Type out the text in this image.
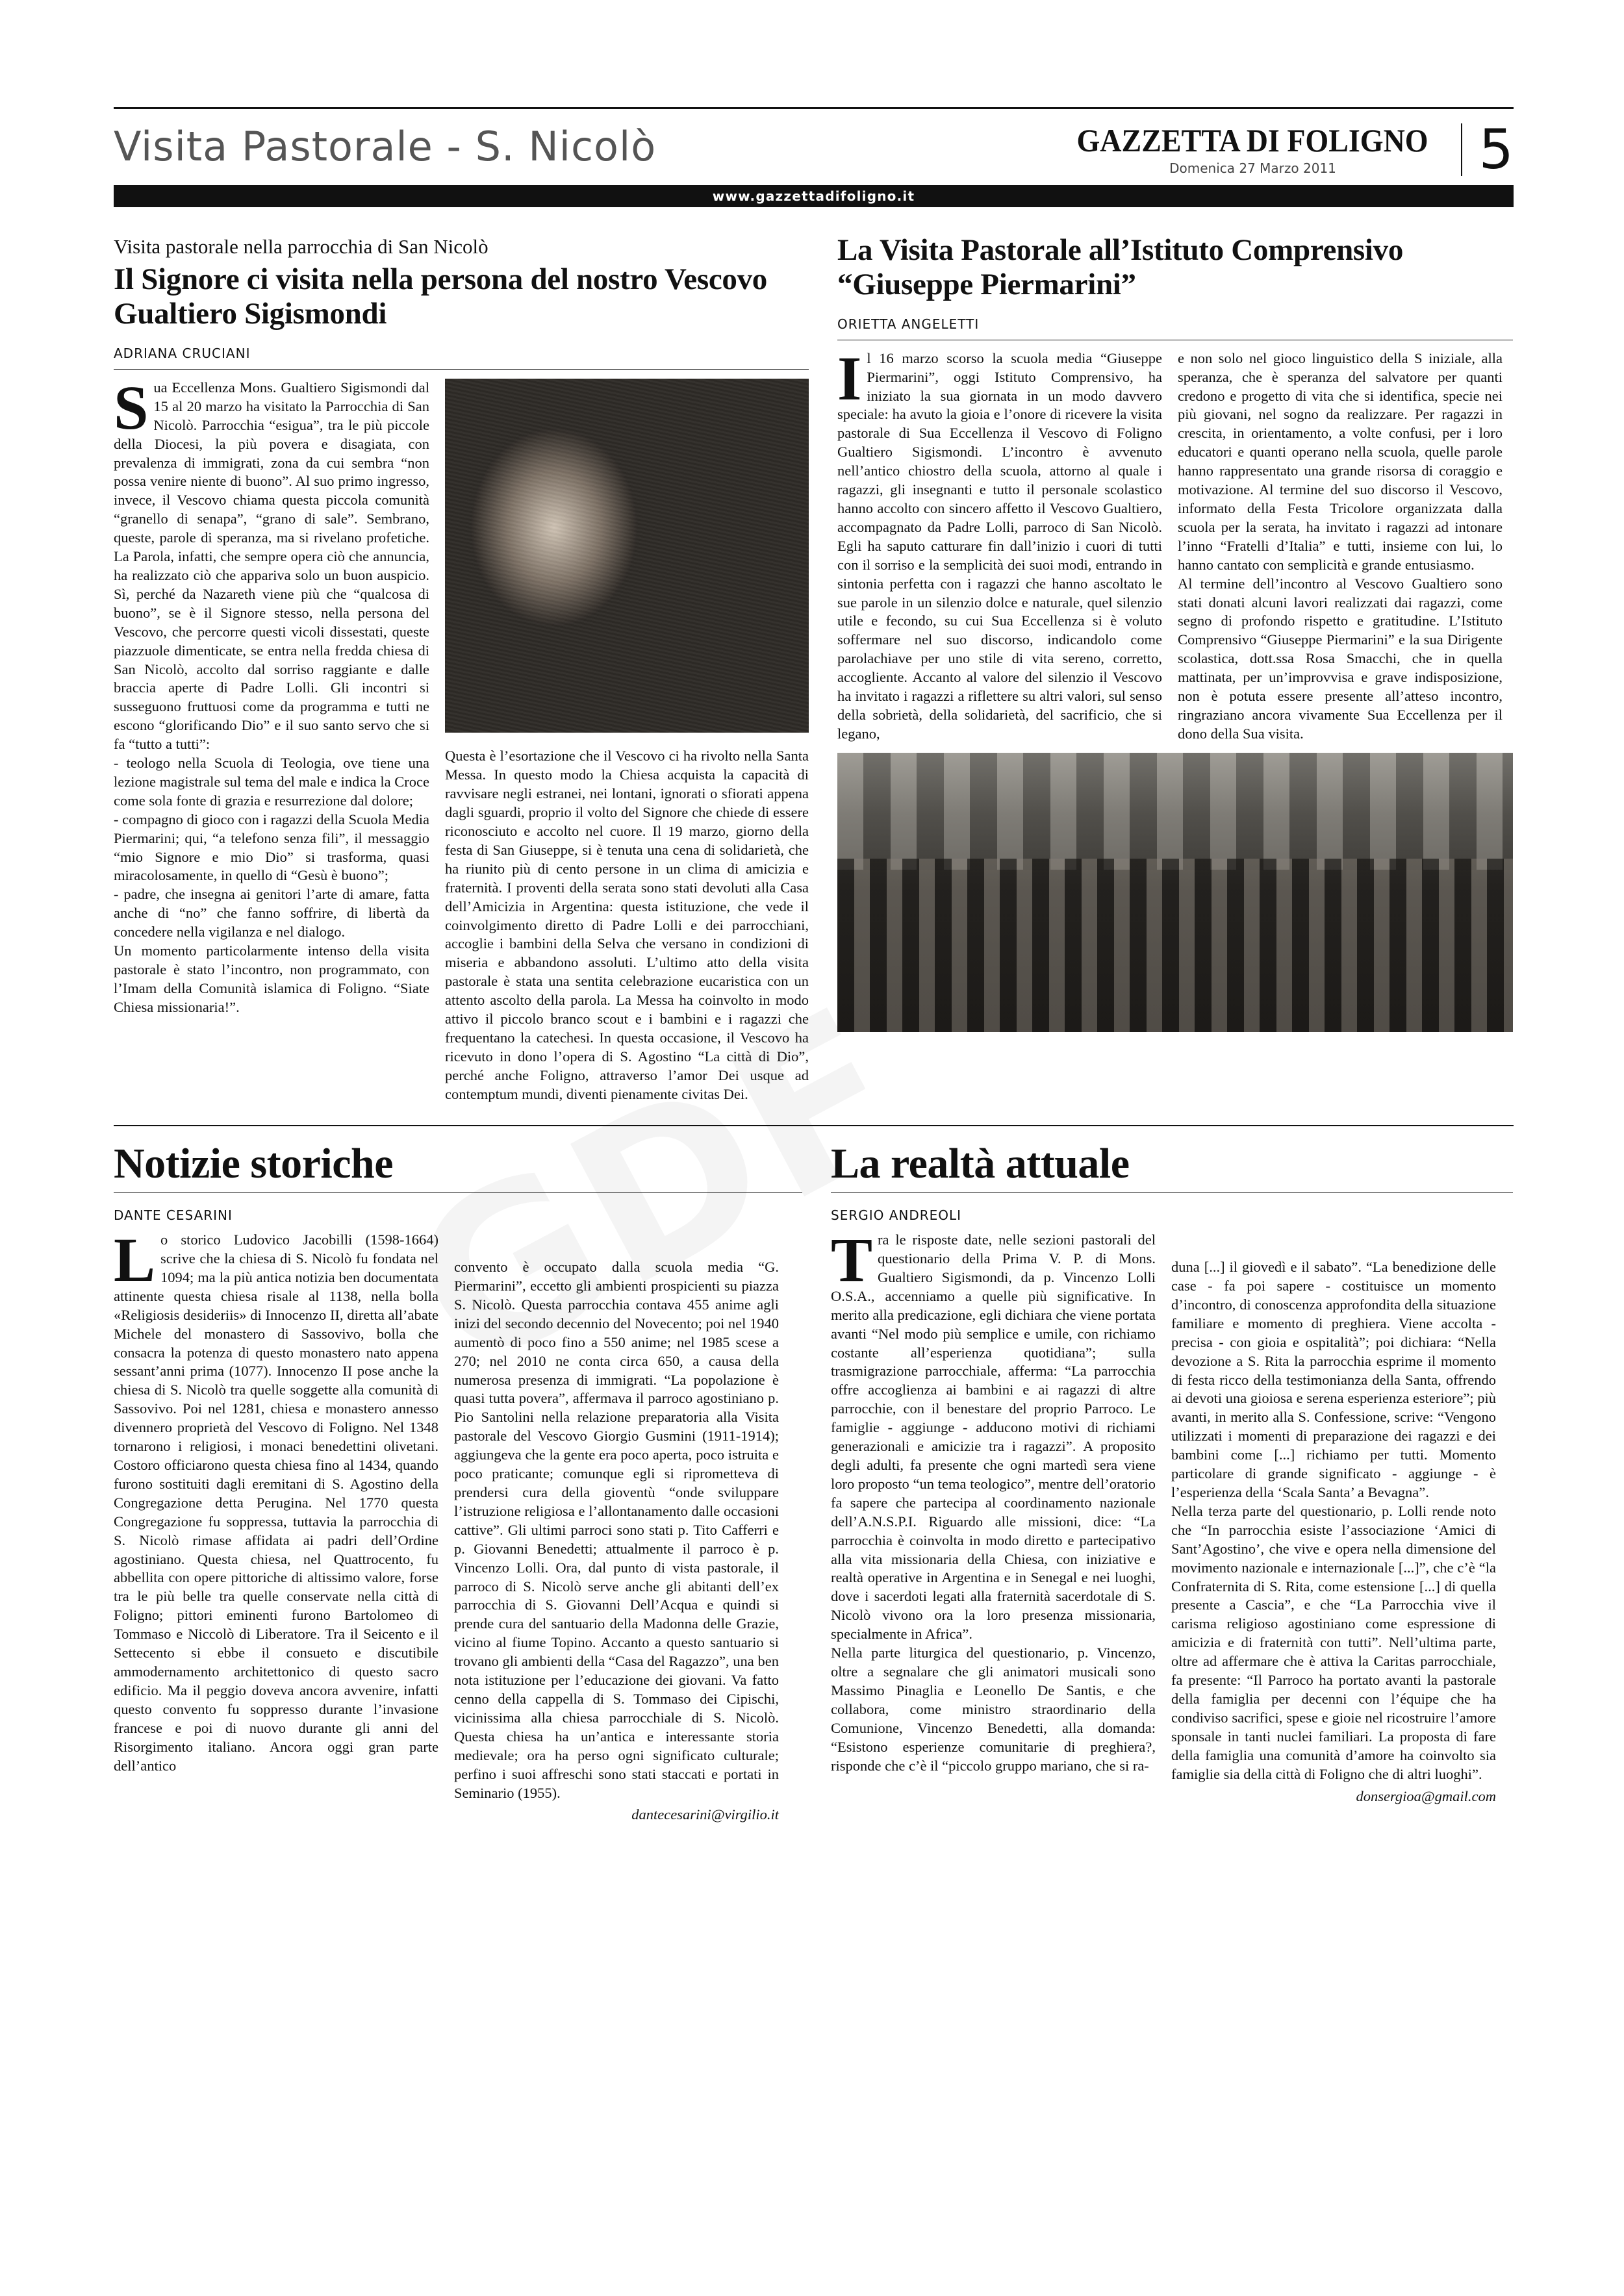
Visita Pastorale - S. Nicolò	GAZZETTA DI FOLIGNO
Domenica 27 Marzo 2011	5
www.gazzettadifoligno.it
Visita pastorale nella parrocchia di San Nicolò
Il Signore ci visita nella persona del nostro Vescovo Gualtiero Sigismondi
ADRIANA CRUCIANI

Sua Eccellenza Mons. Gualtiero Sigismondi dal 15 al 20 marzo ha visitato la Parrocchia di San Nicolò. Parrocchia “esigua”, tra le più piccole della Diocesi, la più povera e disagiata, con prevalenza di immigrati, zona da cui sembra “non possa venire niente di buono”. Al suo primo ingresso, invece, il Vescovo chiama questa piccola comunità “granello di senapa”, “grano di sale”. Sembrano, queste, parole di speranza, ma si rivelano profetiche. La Parola, infatti, che sempre opera ciò che annuncia, ha realizzato ciò che appariva solo un buon auspicio. Sì, perché da Nazareth viene più che “qualcosa di buono”, se è il Signore stesso, nella persona del Vescovo, che percorre questi vicoli dissestati, queste piazzuole dimenticate, se entra nella fredda chiesa di San Nicolò, accolto dal sorriso raggiante e dalle braccia aperte di Padre Lolli. Gli incontri si susseguono fruttuosi come da programma e tutti ne escono “glorificando Dio” e il suo santo servo che si fa “tutto a tutti”:

- teologo nella Scuola di Teologia, ove tiene una lezione magistrale sul tema del male e indica la Croce come sola fonte di grazia e resurrezione dal dolore;

- compagno di gioco con i ragazzi della Scuola Media Piermarini; qui, “a telefono senza fili”, il messaggio “mio Signore e mio Dio” si trasforma, quasi miracolosamente, in quello di “Gesù è buono”;

- padre, che insegna ai genitori l’arte di amare, fatta anche di “no” che fanno soffrire, di libertà da concedere nella vigilanza e nel dialogo.

Un momento particolarmente intenso della visita pastorale è stato l’incontro, non programmato, con l’Imam della Comunità islamica di Foligno. “Siate Chiesa missionaria!”.

Questa è l’esortazione che il Vescovo ci ha rivolto nella Santa Messa. In questo modo la Chiesa acquista la capacità di ravvisare negli estranei, nei lontani, ignorati o sfiorati appena dagli sguardi, proprio il volto del Signore che chiede di essere riconosciuto e accolto nel cuore. Il 19 marzo, giorno della festa di San Giuseppe, si è tenuta una cena di solidarietà, che ha riunito più di cento persone in un clima di amicizia e fraternità. I proventi della serata sono stati devoluti alla Casa dell’Amicizia in Argentina: questa istituzione, che vede il coinvolgimento diretto di Padre Lolli e dei parrocchiani, accoglie i bambini della Selva che versano in condizioni di miseria e abbandono assoluti. L’ultimo atto della visita pastorale è stata una sentita celebrazione eucaristica con un attento ascolto della parola. La Messa ha coinvolto in modo attivo il piccolo branco scout e i bambini e i ragazzi che frequentano la catechesi. In questa occasione, il Vescovo ha ricevuto in dono l’opera di S. Agostino “La città di Dio”, perché anche Foligno, attraverso l’amor Dei usque ad contemptum mundi, diventi pienamente civitas Dei.

La Visita Pastorale all’Istituto Comprensivo “Giuseppe Piermarini”
ORIETTA ANGELETTI

Il 16 marzo scorso la scuola media “Giuseppe Piermarini”, oggi Istituto Comprensivo, ha iniziato la sua giornata in un modo davvero speciale: ha avuto la gioia e l’onore di ricevere la visita pastorale di Sua Eccellenza il Vescovo di Foligno Gualtiero Sigismondi. L’incontro è avvenuto nell’antico chiostro della scuola, attorno al quale i ragazzi, gli insegnanti e tutto il personale scolastico hanno accolto con sincero affetto il Vescovo Gualtiero, accompagnato da Padre Lolli, parroco di San Nicolò. Egli ha saputo catturare fin dall’inizio i cuori di tutti con il sorriso e la semplicità dei suoi modi, entrando in sintonia perfetta con i ragazzi che hanno ascoltato le sue parole in un silenzio dolce e naturale, quel silenzio utile e fecondo, su cui Sua Eccellenza si è voluto soffermare nel suo discorso, indicandolo come parolachiave per uno stile di vita sereno, corretto, accogliente. Accanto al valore del silenzio il Vescovo ha invitato i ragazzi a riflettere su altri valori, sul senso della sobrietà, della solidarietà, del sacrificio, che si legano,

e non solo nel gioco linguistico della S iniziale, alla speranza, che è speranza del salvatore per quanti credono e progetto di vita che si identifica, specie nei più giovani, nel sogno da realizzare. Per ragazzi in crescita, in orientamento, a volte confusi, per i loro educatori e quanti operano nella scuola, quelle parole hanno rappresentato una grande risorsa di coraggio e motivazione. Al termine del suo discorso il Vescovo, informato della Festa Tricolore organizzata dalla scuola per la serata, ha invitato i ragazzi ad intonare l’inno “Fratelli d’Italia” e tutti, insieme con lui, lo hanno cantato con semplicità e grande entusiasmo.

Al termine dell’incontro al Vescovo Gualtiero sono stati donati alcuni lavori realizzati dai ragazzi, come segno di profondo rispetto e gratitudine. L’Istituto Comprensivo “Giuseppe Piermarini” e la sua Dirigente scolastica, dott.ssa Rosa Smacchi, che in quella mattinata, per un’improvvisa e grave indisposizione, non è potuta essere presente all’atteso incontro, ringraziano ancora vivamente Sua Eccellenza per il dono della Sua visita.

Notizie storiche
DANTE CESARINI

Lo storico Ludovico Jacobilli (1598-1664) scrive che la chiesa di S. Nicolò fu fondata nel 1094; ma la più antica notizia ben documentata attinente questa chiesa risale al 1138, nella bolla «Religiosis desideriis» di Innocenzo II, diretta all’abate Michele del monastero di Sassovivo, bolla che consacra la potenza di questo monastero nato appena sessant’anni prima (1077). Innocenzo II pose anche la chiesa di S. Nicolò tra quelle soggette alla comunità di Sassovivo. Poi nel 1281, chiesa e monastero annesso divennero proprietà del Vescovo di Foligno. Nel 1348 tornarono i religiosi, i monaci benedettini olivetani. Costoro officiarono questa chiesa fino al 1434, quando furono sostituiti dagli eremitani di S. Agostino della Congregazione detta Perugina. Nel 1770 questa Congregazione fu soppressa, tuttavia la parrocchia di S. Nicolò rimase affidata ai padri dell’Ordine agostiniano. Questa chiesa, nel Quattrocento, fu abbellita con opere pittoriche di altissimo valore, forse tra le più belle tra quelle conservate nella città di Foligno; pittori eminenti furono Bartolomeo di Tommaso e Niccolò di Liberatore. Tra il Seicento e il Settecento si ebbe il consueto e discutibile ammodernamento architettonico di questo sacro edificio. Ma il peggio doveva ancora avvenire, infatti questo convento fu soppresso durante l’invasione francese e poi di nuovo durante gli anni del Risorgimento italiano. Ancora oggi gran parte dell’antico

convento è occupato dalla scuola media “G. Piermarini”, eccetto gli ambienti prospicienti su piazza S. Nicolò. Questa parrocchia contava 455 anime agli inizi del secondo decennio del Novecento; poi nel 1940 aumentò di poco fino a 550 anime; nel 1985 scese a 270; nel 2010 ne conta circa 650, a causa della numerosa presenza di immigrati. “La popolazione è quasi tutta povera”, affermava il parroco agostiniano p. Pio Santolini nella relazione preparatoria alla Visita pastorale del Vescovo Giorgio Gusmini (1911-1914); aggiungeva che la gente era poco aperta, poco istruita e poco praticante; comunque egli si riprometteva di prendersi cura della gioventù “onde sviluppare l’istruzione religiosa e l’allontanamento dalle occasioni cattive”. Gli ultimi parroci sono stati p. Tito Cafferri e p. Giovanni Benedetti; attualmente il parroco è p. Vincenzo Lolli. Ora, dal punto di vista pastorale, il parroco di S. Nicolò serve anche gli abitanti dell’ex parrocchia di S. Giovanni Dell’Acqua e quindi si prende cura del santuario della Madonna delle Grazie, vicino al fiume Topino. Accanto a questo santuario si trovano gli ambienti della “Casa del Ragazzo”, una ben nota istituzione per l’educazione dei giovani. Va fatto cenno della cappella di S. Tommaso dei Cipischi, vicinissima alla chiesa parrocchiale di S. Nicolò. Questa chiesa ha un’antica e interessante storia medievale; ora ha perso ogni significato culturale; perfino i suoi affreschi sono stati staccati e portati in Seminario (1955).

dantecesarini@virgilio.it
La realtà attuale
SERGIO ANDREOLI

Tra le risposte date, nelle sezioni pastorali del questionario della Prima V. P. di Mons. Gualtiero Sigismondi, da p. Vincenzo Lolli O.S.A., accenniamo a quelle più significative. In merito alla predicazione, egli dichiara che viene portata avanti “Nel modo più semplice e umile, con richiamo costante all’esperienza quotidiana”; sulla trasmigrazione parrocchiale, afferma: “La parrocchia offre accoglienza ai bambini e ai ragazzi di altre parrocchie, con il benestare del proprio Parroco. Le famiglie - aggiunge - adducono motivi di richiami generazionali e amicizie tra i ragazzi”. A proposito degli adulti, fa presente che ogni martedì sera viene loro proposto “un tema teologico”, mentre dell’oratorio fa sapere che partecipa al coordinamento nazionale dell’A.N.S.P.I. Riguardo alle missioni, dice: “La parrocchia è coinvolta in modo diretto e partecipativo alla vita missionaria della Chiesa, con iniziative e realtà operative in Argentina e in Senegal e nei luoghi, dove i sacerdoti legati alla fraternità sacerdotale di S. Nicolò vivono ora la loro presenza missionaria, specialmente in Africa”.

Nella parte liturgica del questionario, p. Vincenzo, oltre a segnalare che gli animatori musicali sono Massimo Pinaglia e Leonello De Santis, e che collabora, come ministro straordinario della Comunione, Vincenzo Benedetti, alla domanda: “Esistono esperienze comunitarie di preghiera?, risponde che c’è il “piccolo gruppo mariano, che si ra-

duna [...] il giovedì e il sabato”. “La benedizione delle case - fa poi sapere - costituisce un momento d’incontro, di conoscenza approfondita della situazione familiare e momento di preghiera. Viene accolta - precisa - con gioia e ospitalità”; poi dichiara: “Nella devozione a S. Rita la parrocchia esprime il momento di festa ricco della testimonianza della Santa, offrendo ai devoti una gioiosa e serena esperienza esteriore”; più avanti, in merito alla S. Confessione, scrive: “Vengono utilizzati i momenti di preparazione dei ragazzi e dei bambini come [...] richiamo per tutti. Momento particolare di grande significato - aggiunge - è l’esperienza della ‘Scala Santa’ a Bevagna”.

Nella terza parte del questionario, p. Lolli rende noto che “In parrocchia esiste l’associazione ‘Amici di Sant’Agostino’, che vive e opera nella dimensione del movimento nazionale e internazionale [...]”, che c’è “la Confraternita di S. Rita, come estensione [...] di quella presente a Cascia”, e che “La Parrocchia vive il carisma religioso agostiniano come espressione di amicizia e di fraternità con tutti”. Nell’ultima parte, oltre ad affermare che è attiva la Caritas parrocchiale, fa presente: “Il Parroco ha portato avanti la pastorale della famiglia per decenni con l’équipe che ha condiviso sacrifici, spese e gioie nel ricostruire l’amore sponsale in tanti nuclei familiari. La proposta di fare della famiglia una comunità d’amore ha coinvolto sia famiglie sia della città di Foligno che di altri luoghi”.

donsergioa@gmail.com
